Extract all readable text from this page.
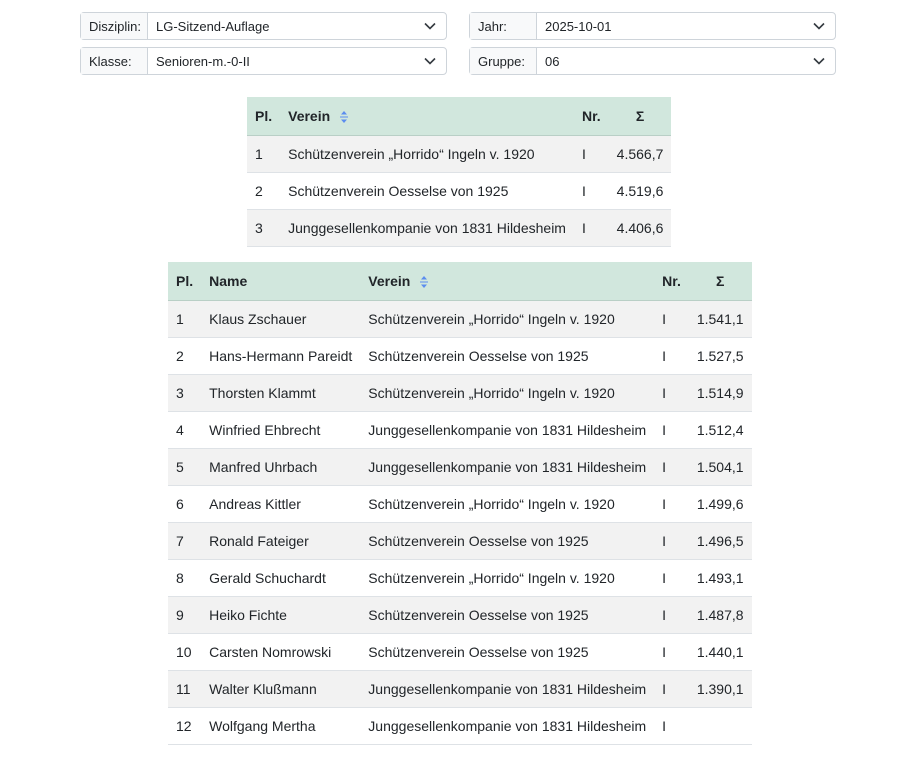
Disziplin:	LG-Sitzend-Auflage	Jahr:	2025-10-01
Klasse:	Senioren-m.-0-II	Gruppe:	06
Pl.	Verein	Nr.	Σ
1	Schützenverein „Horrido“ Ingeln v. 1920	I	4.566,7
2	Schützenverein Oesselse von 1925	I	4.519,6
3	Junggesellenkompanie von 1831 Hildesheim	I	4.406,6
Pl.	Name	Verein	Nr.	Σ
1	Klaus Zschauer	Schützenverein „Horrido“ Ingeln v. 1920	I	1.541,1
2	Hans-Hermann Pareidt	Schützenverein Oesselse von 1925	I	1.527,5
3	Thorsten Klammt	Schützenverein „Horrido“ Ingeln v. 1920	I	1.514,9
4	Winfried Ehbrecht	Junggesellenkompanie von 1831 Hildesheim	I	1.512,4
5	Manfred Uhrbach	Junggesellenkompanie von 1831 Hildesheim	I	1.504,1
6	Andreas Kittler	Schützenverein „Horrido“ Ingeln v. 1920	I	1.499,6
7	Ronald Fateiger	Schützenverein Oesselse von 1925	I	1.496,5
8	Gerald Schuchardt	Schützenverein „Horrido“ Ingeln v. 1920	I	1.493,1
9	Heiko Fichte	Schützenverein Oesselse von 1925	I	1.487,8
10	Carsten Nomrowski	Schützenverein Oesselse von 1925	I	1.440,1
11	Walter Klußmann	Junggesellenkompanie von 1831 Hildesheim	I	1.390,1
12	Wolfgang Mertha	Junggesellenkompanie von 1831 Hildesheim	I	
